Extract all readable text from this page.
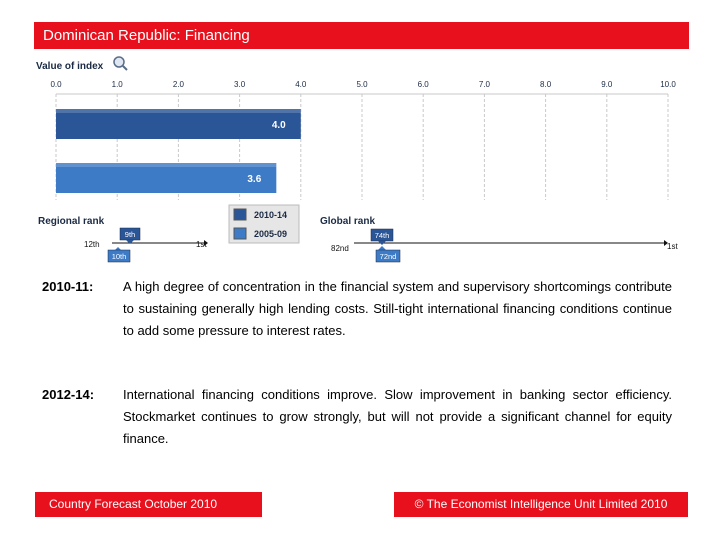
Dominican Republic: Financing
0.0	1.0	2.0	3.0	4.0	5.0	6.0	7.0	8.0	9.0	10.0
4.0
3.6
Value of index
2010-14
2005-09
Regional rank
12th	1st
9th
10th
Global rank
82nd	1st
74th
72nd
2010-11: A high degree of concentration in the financial system and supervisory shortcomings contribute to sustaining generally high lending costs. Still-tight international financing conditions continue to add some pressure to interest rates.
2012-14: International financing conditions improve. Slow improvement in banking sector efficiency. Stockmarket continues to grow strongly, but will not provide a significant channel for equity finance.
Country Forecast October 2010	© The Economist Intelligence Unit Limited 2010
